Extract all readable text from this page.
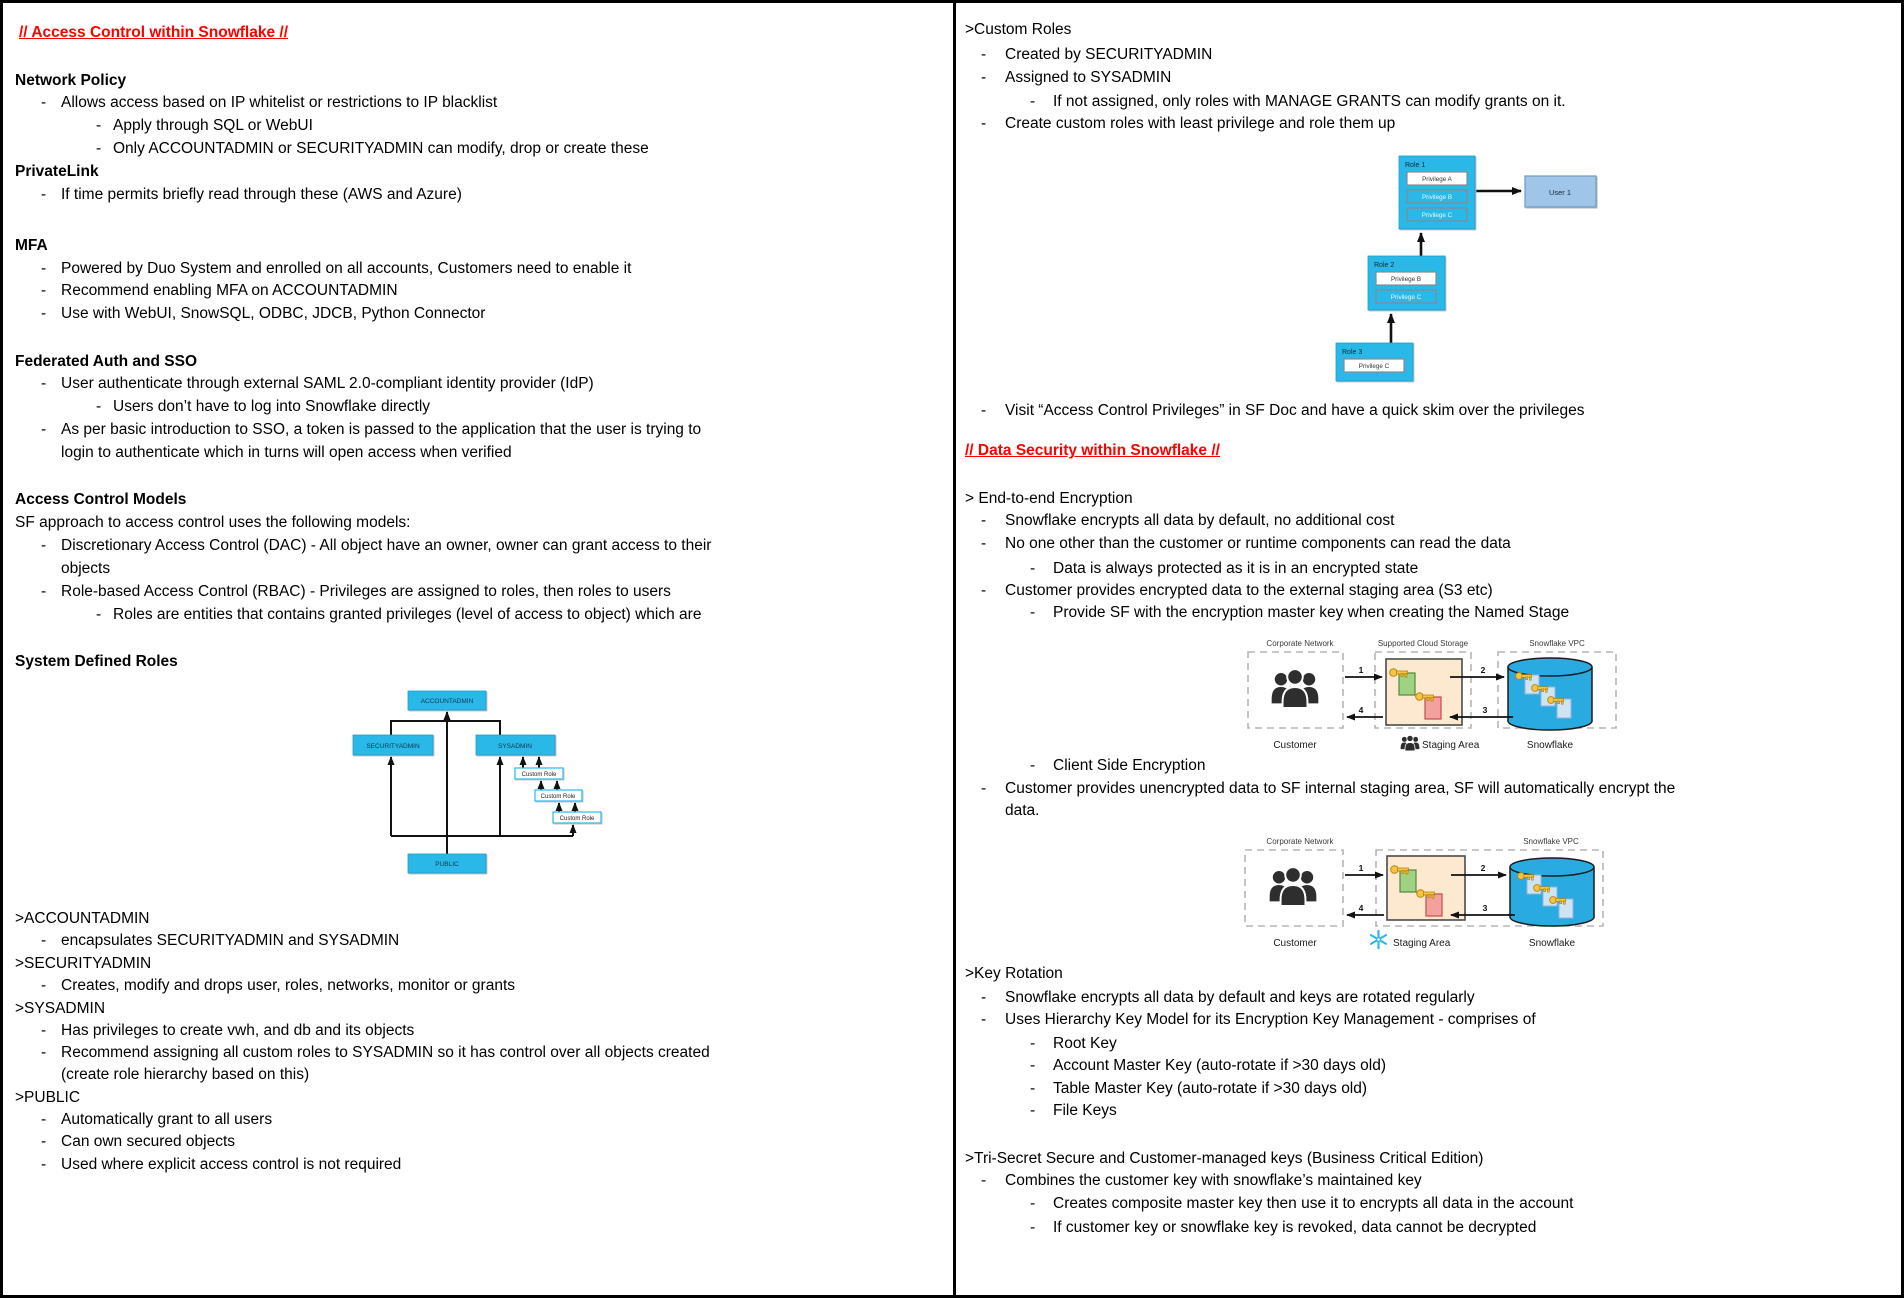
// Access Control within Snowflake //
Network Policy
- Allows access based on IP whitelist or restrictions to IP blacklist
- Apply through SQL or WebUI
- Only ACCOUNTADMIN or SECURITYADMIN can modify, drop or create these
PrivateLink
- If time permits briefly read through these (AWS and Azure)
MFA
- Powered by Duo System and enrolled on all accounts, Customers need to enable it
- Recommend enabling MFA on ACCOUNTADMIN
- Use with WebUI, SnowSQL, ODBC, JDCB, Python Connector
Federated Auth and SSO
- User authenticate through external SAML 2.0-compliant identity provider (IdP)
- Users don’t have to log into Snowflake directly
- As per basic introduction to SSO, a token is passed to the application that the user is trying to
login to authenticate which in turns will open access when verified
Access Control Models
SF approach to access control uses the following models:
- Discretionary Access Control (DAC) - All object have an owner, owner can grant access to their
objects
- Role-based Access Control (RBAC) - Privileges are assigned to roles, then roles to users
- Roles are entities that contains granted privileges (level of access to object) which are
System Defined Roles
>ACCOUNTADMIN
- encapsulates SECURITYADMIN and SYSADMIN
>SECURITYADMIN
- Creates, modify and drops user, roles, networks, monitor or grants
>SYSADMIN
- Has privileges to create vwh, and db and its objects
- Recommend assigning all custom roles to SYSADMIN so it has control over all objects created
(create role hierarchy based on this)
>PUBLIC
- Automatically grant to all users
- Can own secured objects
- Used where explicit access control is not required
>Custom Roles
- Created by SECURITYADMIN
- Assigned to SYSADMIN
- If not assigned, only roles with MANAGE GRANTS can modify grants on it.
- Create custom roles with least privilege and role them up
- Visit “Access Control Privileges” in SF Doc and have a quick skim over the privileges
// Data Security within Snowflake //
> End-to-end Encryption
- Snowflake encrypts all data by default, no additional cost
- No one other than the customer or runtime components can read the data
- Data is always protected as it is in an encrypted state
- Customer provides encrypted data to the external staging area (S3 etc)
- Provide SF with the encryption master key when creating the Named Stage
- Client Side Encryption
- Customer provides unencrypted data to SF internal staging area, SF will automatically encrypt the
data.
>Key Rotation
- Snowflake encrypts all data by default and keys are rotated regularly
- Uses Hierarchy Key Model for its Encryption Key Management - comprises of
- Root Key
- Account Master Key (auto-rotate if >30 days old)
- Table Master Key (auto-rotate if >30 days old)
- File Keys
>Tri-Secret Secure and Customer-managed keys (Business Critical Edition)
- Combines the customer key with snowflake’s maintained key
- Creates composite master key then use it to encrypts all data in the account
- If customer key or snowflake key is revoked, data cannot be decrypted
ACCOUNTADMIN
SECURITYADMIN	SYSADMIN
Custom Role
Custom Role
Custom Role
PUBLIC
Role 1
Privilege A
Privilege B
Privilege C
User 1
Role 2
Privilege B
Privilege C
Role 3
Privilege C
Corporate Network	Supported Cloud Storage	Snowflake VPC
1
4
2
3
Customer	Staging Area	Snowflake
Corporate Network	Snowflake VPC
1
4
2
3
Customer	Staging Area	Snowflake
